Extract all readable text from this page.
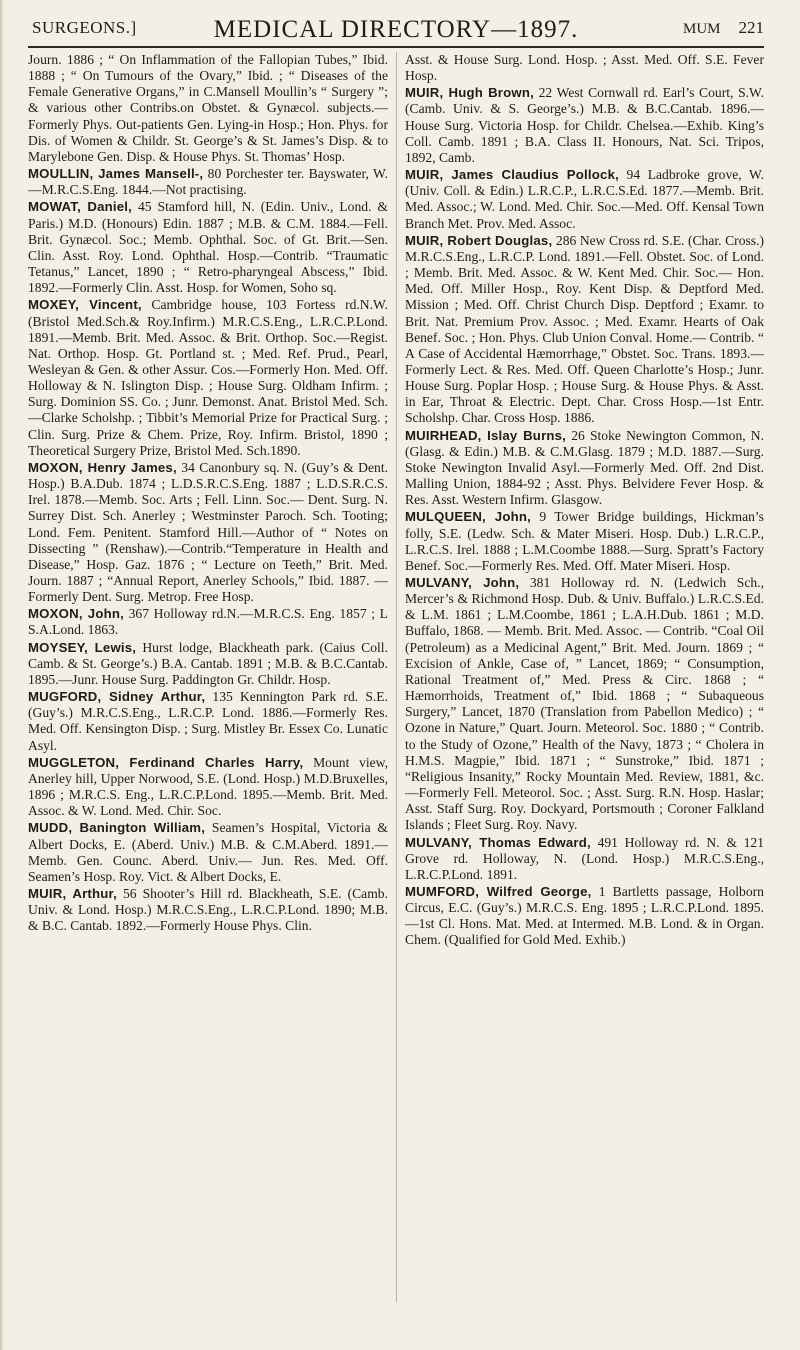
SURGEONS.]	MEDICAL DIRECTORY—1897.	MUM 221
Journ. 1886 ; “ On Inflammation of the Fallopian Tubes,” Ibid. 1888 ; “ On Tumours of the Ovary,” Ibid. ; “ Diseases of the Female Generative Organs,” in C.Mansell Moullin’s “ Surgery ”; & various other Contribs.on Obstet. & Gynæcol. subjects.—Formerly Phys. Out-patients Gen. Lying-in Hosp.; Hon. Phys. for Dis. of Women & Childr. St. George’s & St. James’s Disp. & to Marylebone Gen. Disp. & House Phys. St. Thomas’ Hosp.
MOULLIN, James Mansell-, 80 Porchester ter. Bayswater, W.—M.R.C.S.Eng. 1844.—Not practising.
MOWAT, Daniel, 45 Stamford hill, N. (Edin. Univ., Lond. & Paris.) M.D. (Honours) Edin. 1887 ; M.B. & C.M. 1884.—Fell. Brit. Gynæcol. Soc.; Memb. Ophthal. Soc. of Gt. Brit.—Sen. Clin. Asst. Roy. Lond. Ophthal. Hosp.—Contrib. “Traumatic Tetanus,” Lancet, 1890 ; “ Retro-pharyngeal Abscess,” Ibid. 1892.—Formerly Clin. Asst. Hosp. for Women, Soho sq.
MOXEY, Vincent, Cambridge house, 103 Fortess rd.N.W. (Bristol Med.Sch.& Roy.Infirm.) M.R.C.S.Eng., L.R.C.P.Lond. 1891.—Memb. Brit. Med. Assoc. & Brit. Orthop. Soc.—Regist. Nat. Orthop. Hosp. Gt. Portland st. ; Med. Ref. Prud., Pearl, Wesleyan & Gen. & other Assur. Cos.—Formerly Hon. Med. Off. Holloway & N. Islington Disp. ; House Surg. Oldham Infirm. ; Surg. Dominion SS. Co. ; Junr. Demonst. Anat. Bristol Med. Sch.—Clarke Scholshp. ; Tibbit’s Memorial Prize for Practical Surg. ; Clin. Surg. Prize & Chem. Prize, Roy. Infirm. Bristol, 1890 ; Theoretical Surgery Prize, Bristol Med. Sch.1890.
MOXON, Henry James, 34 Canonbury sq. N. (Guy’s & Dent. Hosp.) B.A.Dub. 1874 ; L.D.S.R.C.S.Eng. 1887 ; L.D.S.R.C.S. Irel. 1878.—Memb. Soc. Arts ; Fell. Linn. Soc.— Dent. Surg. N. Surrey Dist. Sch. Anerley ; Westminster Paroch. Sch. Tooting; Lond. Fem. Penitent. Stamford Hill.—Author of “ Notes on Dissecting ” (Renshaw).—Contrib.“Temperature in Health and Disease,” Hosp. Gaz. 1876 ; “ Lecture on Teeth,” Brit. Med. Journ. 1887 ; “Annual Report, Anerley Schools,” Ibid. 1887. —Formerly Dent. Surg. Metrop. Free Hosp.
MOXON, John, 367 Holloway rd.N.—M.R.C.S. Eng. 1857 ; L S.A.Lond. 1863.
MOYSEY, Lewis, Hurst lodge, Blackheath park. (Caius Coll. Camb. & St. George’s.) B.A. Cantab. 1891 ; M.B. & B.C.Cantab. 1895.—Junr. House Surg. Paddington Gr. Childr. Hosp.
MUGFORD, Sidney Arthur, 135 Kennington Park rd. S.E. (Guy’s.) M.R.C.S.Eng., L.R.C.P. Lond. 1886.—Formerly Res. Med. Off. Kensington Disp. ; Surg. Mistley Br. Essex Co. Lunatic Asyl.
MUGGLETON, Ferdinand Charles Harry, Mount view, Anerley hill, Upper Norwood, S.E. (Lond. Hosp.) M.D.Bruxelles, 1896 ; M.R.C.S. Eng., L.R.C.P.Lond. 1895.—Memb. Brit. Med. Assoc. & W. Lond. Med. Chir. Soc.
MUDD, Banington William, Seamen’s Hospital, Victoria & Albert Docks, E. (Aberd. Univ.) M.B. & C.M.Aberd. 1891.—Memb. Gen. Counc. Aberd. Univ.— Jun. Res. Med. Off. Seamen’s Hosp. Roy. Vict. & Albert Docks, E.
MUIR, Arthur, 56 Shooter’s Hill rd. Blackheath, S.E. (Camb. Univ. & Lond. Hosp.) M.R.C.S.Eng., L.R.C.P.Lond. 1890; M.B. & B.C. Cantab. 1892.—Formerly House Phys. Clin.
Asst. & House Surg. Lond. Hosp. ; Asst. Med. Off. S.E. Fever Hosp.
MUIR, Hugh Brown, 22 West Cornwall rd. Earl’s Court, S.W. (Camb. Univ. & S. George’s.) M.B. & B.C.Cantab. 1896.—House Surg. Victoria Hosp. for Childr. Chelsea.—Exhib. King’s Coll. Camb. 1891 ; B.A. Class II. Honours, Nat. Sci. Tripos, 1892, Camb.
MUIR, James Claudius Pollock, 94 Ladbroke grove, W. (Univ. Coll. & Edin.) L.R.C.P., L.R.C.S.Ed. 1877.—Memb. Brit. Med. Assoc.; W. Lond. Med. Chir. Soc.—Med. Off. Kensal Town Branch Met. Prov. Med. Assoc.
MUIR, Robert Douglas, 286 New Cross rd. S.E. (Char. Cross.) M.R.C.S.Eng., L.R.C.P. Lond. 1891.—Fell. Obstet. Soc. of Lond. ; Memb. Brit. Med. Assoc. & W. Kent Med. Chir. Soc.— Hon. Med. Off. Miller Hosp., Roy. Kent Disp. & Deptford Med. Mission ; Med. Off. Christ Church Disp. Deptford ; Examr. to Brit. Nat. Premium Prov. Assoc. ; Med. Examr. Hearts of Oak Benef. Soc. ; Hon. Phys. Club Union Conval. Home.— Contrib. “ A Case of Accidental Hæmorrhage,” Obstet. Soc. Trans. 1893.—Formerly Lect. & Res. Med. Off. Queen Charlotte’s Hosp.; Junr. House Surg. Poplar Hosp. ; House Surg. & House Phys. & Asst. in Ear, Throat & Electric. Dept. Char. Cross Hosp.—1st Entr. Scholshp. Char. Cross Hosp. 1886.
MUIRHEAD, Islay Burns, 26 Stoke Newington Common, N. (Glasg. & Edin.) M.B. & C.M.Glasg. 1879 ; M.D. 1887.—Surg. Stoke Newington Invalid Asyl.—Formerly Med. Off. 2nd Dist. Malling Union, 1884-92 ; Asst. Phys. Belvidere Fever Hosp. & Res. Asst. Western Infirm. Glasgow.
MULQUEEN, John, 9 Tower Bridge buildings, Hickman’s folly, S.E. (Ledw. Sch. & Mater Miseri. Hosp. Dub.) L.R.C.P., L.R.C.S. Irel. 1888 ; L.M.Coombe 1888.—Surg. Spratt’s Factory Benef. Soc.—Formerly Res. Med. Off. Mater Miseri. Hosp.
MULVANY, John, 381 Holloway rd. N. (Ledwich Sch., Mercer’s & Richmond Hosp. Dub. & Univ. Buffalo.) L.R.C.S.Ed. & L.M. 1861 ; L.M.Coombe, 1861 ; L.A.H.Dub. 1861 ; M.D. Buffalo, 1868. — Memb. Brit. Med. Assoc. — Contrib. “Coal Oil (Petroleum) as a Medicinal Agent,” Brit. Med. Journ. 1869 ; “ Excision of Ankle, Case of, ” Lancet, 1869; “ Consumption, Rational Treatment of,” Med. Press & Circ. 1868 ; “ Hæmorrhoids, Treatment of,” Ibid. 1868 ; “ Subaqueous Surgery,” Lancet, 1870 (Translation from Pabellon Medico) ; “ Ozone in Nature,” Quart. Journ. Meteorol. Soc. 1880 ; “ Contrib. to the Study of Ozone,” Health of the Navy, 1873 ; “ Cholera in H.M.S. Magpie,” Ibid. 1871 ; “ Sunstroke,” Ibid. 1871 ; “Religious Insanity,” Rocky Mountain Med. Review, 1881, &c.—Formerly Fell. Meteorol. Soc. ; Asst. Surg. R.N. Hosp. Haslar; Asst. Staff Surg. Roy. Dockyard, Portsmouth ; Coroner Falkland Islands ; Fleet Surg. Roy. Navy.
MULVANY, Thomas Edward, 491 Holloway rd. N. & 121 Grove rd. Holloway, N. (Lond. Hosp.) M.R.C.S.Eng., L.R.C.P.Lond. 1891.
MUMFORD, Wilfred George, 1 Bartletts passage, Holborn Circus, E.C. (Guy’s.) M.R.C.S. Eng. 1895 ; L.R.C.P.Lond. 1895.—1st Cl. Hons. Mat. Med. at Intermed. M.B. Lond. & in Organ. Chem. (Qualified for Gold Med. Exhib.)
